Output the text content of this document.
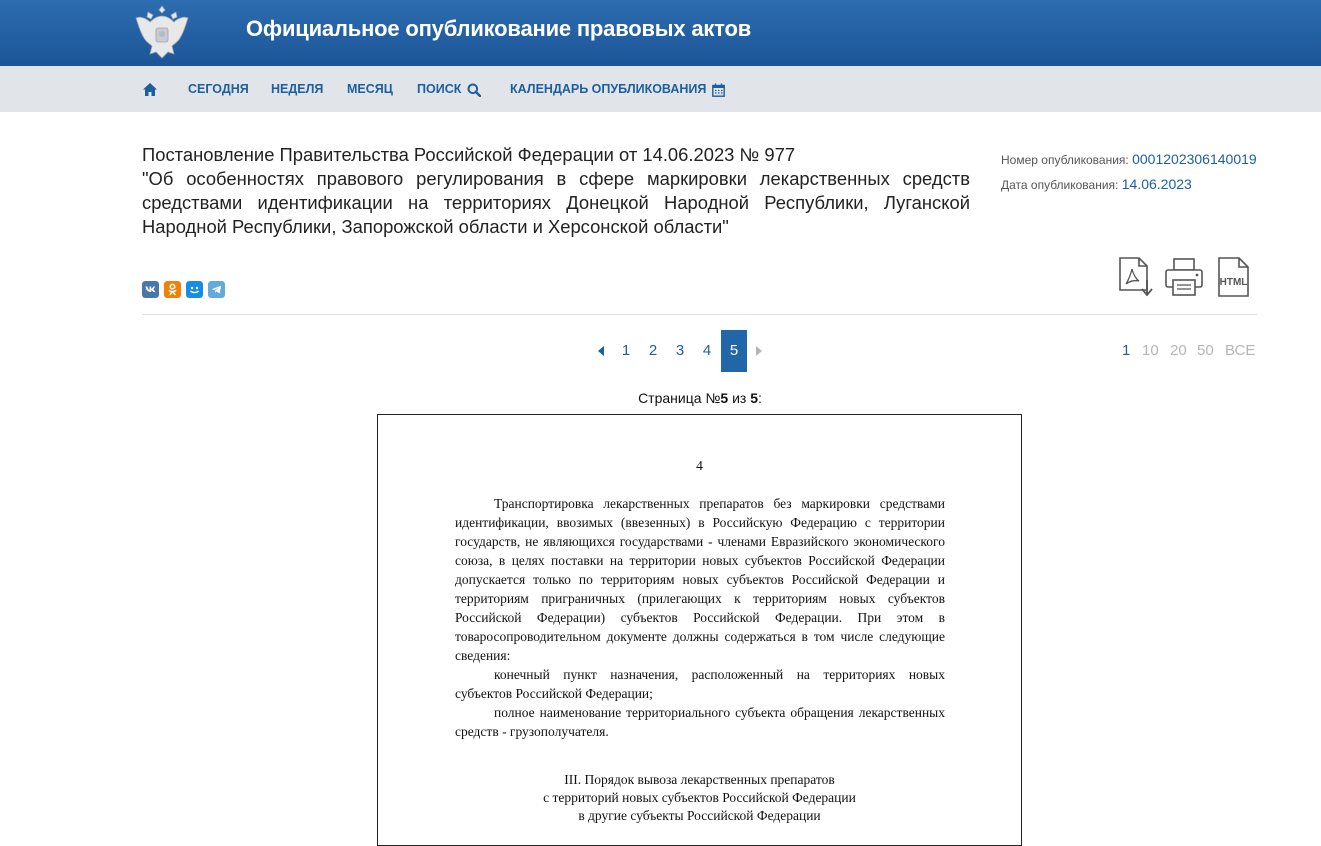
Официальное опубликование правовых актов
СЕГОДНЯ НЕДЕЛЯ МЕСЯЦ ПОИСК	КАЛЕНДАРЬ ОПУБЛИКОВАНИЯ
Постановление Правительства Российской Федерации от 14.06.2023 № 977
"Об особенностях правового регулирования в сфере маркировки лекарственных средств средствами идентификации на территориях Донецкой Народной Республики, Луганской Народной Республики, Запорожской области и Херсонской области"
Номер опубликования: 0001202306140019
Дата опубликования: 14.06.2023
HTML
1	2	3	4	5	1 10 20 50 ВСЕ
Страница №5 из 5:
4

Транспортировка лекарственных препаратов без маркировки средствами идентификации, ввозимых (ввезенных) в Российскую Федерацию с территории государств, не являющихся государствами - членами Евразийского экономического союза, в целях поставки на территории новых субъектов Российской Федерации допускается только по территориям новых субъектов Российской Федерации и территориям приграничных (прилегающих к территориям новых субъектов Российской Федерации) субъектов Российской Федерации. При этом в товаросопроводительном документе должны содержаться в том числе следующие сведения:

конечный пункт назначения, расположенный на территориях новых субъектов Российской Федерации;

полное наименование территориального субъекта обращения лекарственных средств - грузополучателя.

III. Порядок вывоза лекарственных препаратов
с территорий новых субъектов Российской Федерации
в другие субъекты Российской Федерации
